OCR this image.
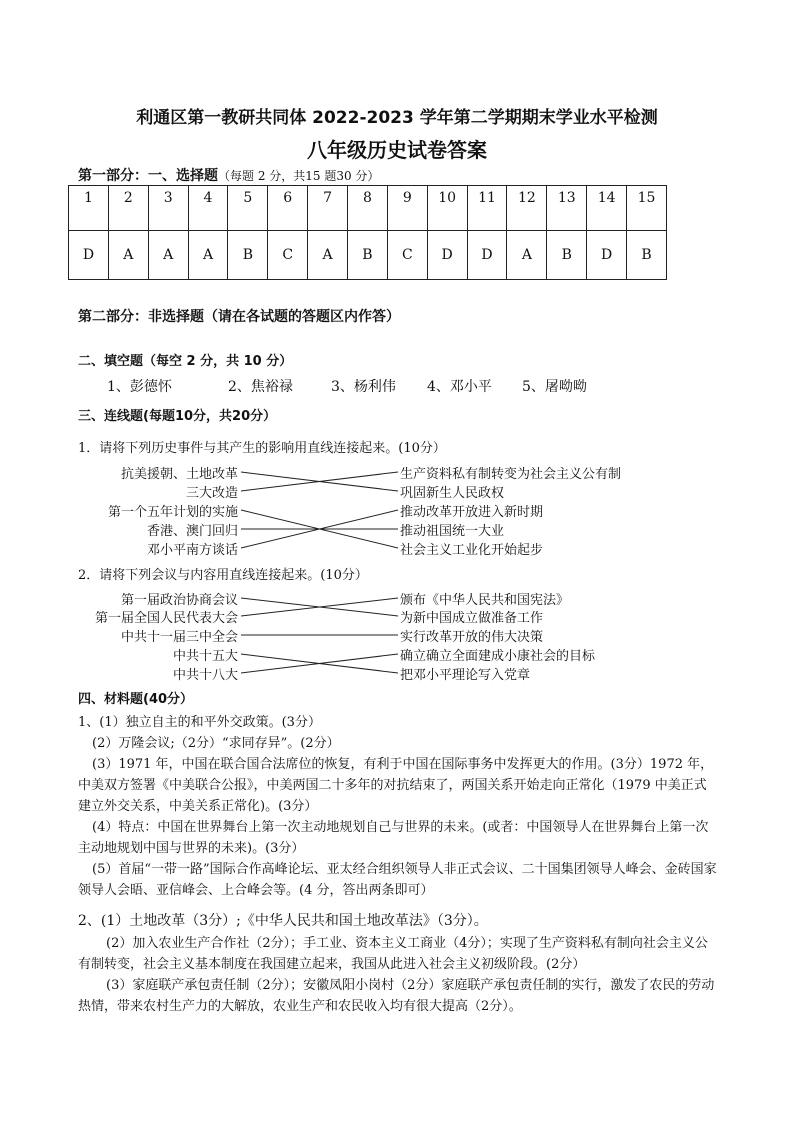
利通区第一教研共同体 2022-2023 学年第二学期期末学业水平检测
八年级历史试卷答案
第一部分：一、选择题（每题 2 分，共15 题30 分）
1	2	3	4	5	6	7	8	9	10	11	12	13	14	15
D	A	A	A	B	C	A	B	C	D	D	A	B	D	B
第二部分：非选择题（请在各试题的答题区内作答）
二、填空题（每空 2 分，共 10 分）
1、彭德怀	2、焦裕禄	3、杨利伟 4、邓小平 5、屠呦呦
三、连线题(每题10分，共20分）
1．请将下列历史事件与其产生的影响用直线连接起来。(10分）
抗美援朝、土地改革
三大改造
第一个五年计划的实施
香港、澳门回归
邓小平南方谈话
生产资料私有制转变为社会主义公有制
巩固新生人民政权
推动改革开放进入新时期
推动祖国统一大业
社会主义工业化开始起步
2．请将下列会议与内容用直线连接起来。(10分）
第一届政治协商会议
第一届全国人民代表大会
中共十一届三中全会
中共十五大
中共十八大
颁布《中华人民共和国宪法》
为新中国成立做准备工作
实行改革开放的伟大决策
确立确立全面建成小康社会的目标
把邓小平理论写入党章
四、材料题(40分）
1、(1）独立自主的和平外交政策。(3分）
(2）万隆会议;（2分）“求同存异”。(2分）
(3）1971 年，中国在联合国合法席位的恢复，有利于中国在国际事务中发挥更大的作用。(3分）1972 年，中美双方签署《中美联合公报》，中美两国二十多年的对抗结束了，两国关系开始走向正常化（1979 中美正式建立外交关系，中美关系正常化)。(3分）
(4）特点：中国在世界舞台上第一次主动地规划自己与世界的未来。(或者：中国领导人在世界舞台上第一次主动地规划中国与世界的未来)。(3分）
(5）首届“一带一路”国际合作高峰论坛、亚太经合组织领导人非正式会议、二十国集团领导人峰会、金砖国家领导人会晤、亚信峰会、上合峰会等。(4 分，答出两条即可）
2、(1）土地改革（3分）;《中华人民共和国土地改革法》（3分）。
(2）加入农业生产合作社（2分）；手工业、资本主义工商业（4分）；实现了生产资料私有制向社会主义公有制转变，社会主义基本制度在我国建立起来，我国从此进入社会主义初级阶段。(2分）
(3）家庭联产承包责任制（2分）；安徽凤阳小岗村（2分）家庭联产承包责任制的实行，激发了农民的劳动热情，带来农村生产力的大解放，农业生产和农民收入均有很大提高（2分）。
